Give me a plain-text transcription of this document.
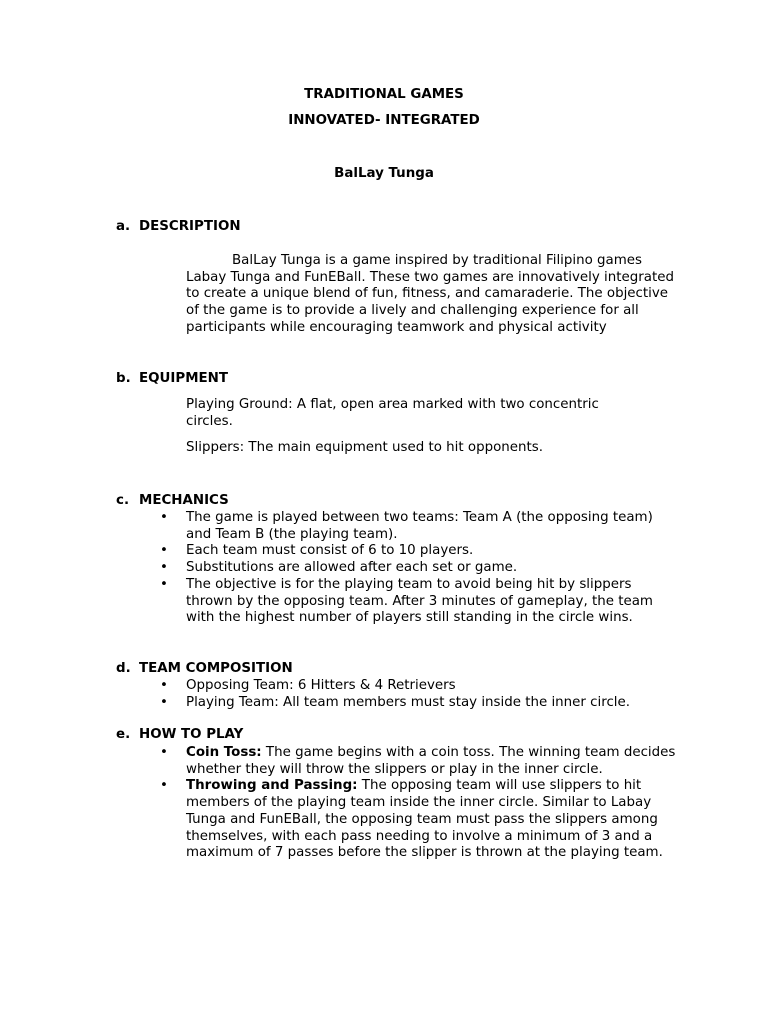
TRADITIONAL GAMES
INNOVATED- INTEGRATED
BalLay Tunga
a. DESCRIPTION
BalLay Tunga is a game inspired by traditional Filipino games Labay Tunga and FunEBall. These two games are innovatively integrated to create a unique blend of fun, fitness, and camaraderie. The objective of the game is to provide a lively and challenging experience for all participants while encouraging teamwork and physical activity
b. EQUIPMENT
Playing Ground: A flat, open area marked with two concentric circles.
Slippers: The main equipment used to hit opponents.
c. MECHANICS
• The game is played between two teams: Team A (the opposing team) and Team B (the playing team).
• Each team must consist of 6 to 10 players.
• Substitutions are allowed after each set or game.
• The objective is for the playing team to avoid being hit by slippers thrown by the opposing team. After 3 minutes of gameplay, the team with the highest number of players still standing in the circle wins.
d. TEAM COMPOSITION
• Opposing Team: 6 Hitters & 4 Retrievers
• Playing Team: All team members must stay inside the inner circle.
e. HOW TO PLAY
• Coin Toss: The game begins with a coin toss. The winning team decides whether they will throw the slippers or play in the inner circle.
• Throwing and Passing: The opposing team will use slippers to hit members of the playing team inside the inner circle. Similar to Labay Tunga and FunEBall, the opposing team must pass the slippers among themselves, with each pass needing to involve a minimum of 3 and a maximum of 7 passes before the slipper is thrown at the playing team.
